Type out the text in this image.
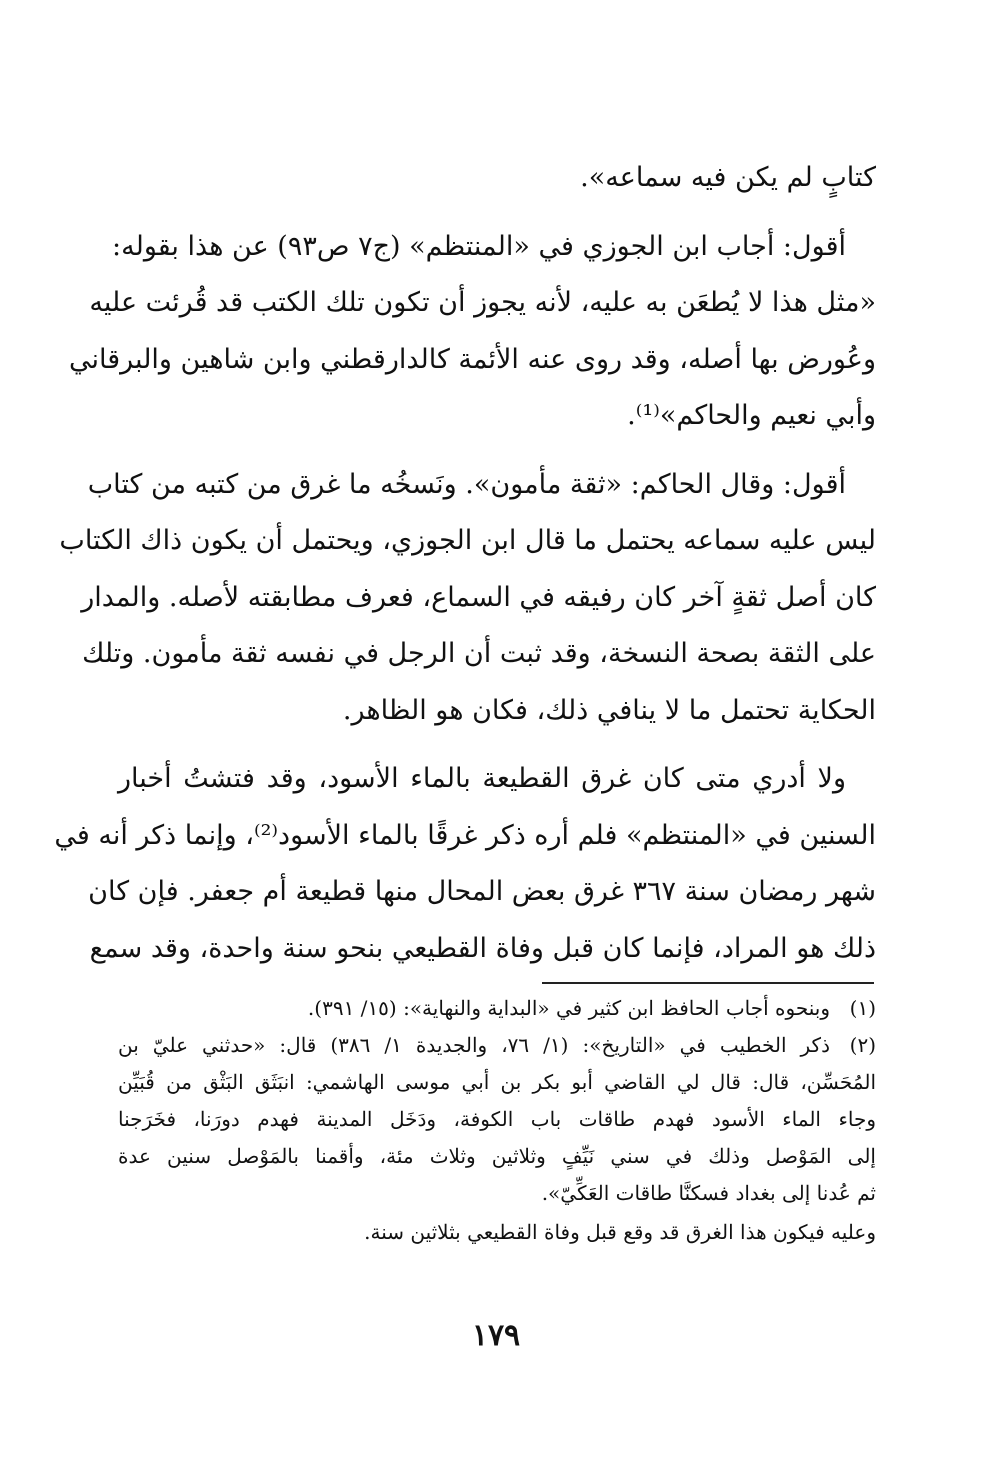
كتابٍ لم يكن فيه سماعه».

أقول: أجاب ابن الجوزي في «المنتظم» (ج٧ ص٩٣) عن هذا بقوله:
«مثل هذا لا يُطعَن به عليه، لأنه يجوز أن تكون تلك الكتب قد قُرئت عليه
وعُورض بها أصله، وقد روى عنه الأئمة كالدارقطني وابن شاهين والبرقاني
وأبي نعيم والحاكم»⁽¹⁾.

أقول: وقال الحاكم: «ثقة مأمون». ونَسخُه ما غرق من كتبه من كتاب
ليس عليه سماعه يحتمل ما قال ابن الجوزي، ويحتمل أن يكون ذاك الكتاب
كان أصل ثقةٍ آخر كان رفيقه في السماع، فعرف مطابقته لأصله. والمدار
على الثقة بصحة النسخة، وقد ثبت أن الرجل في نفسه ثقة مأمون. وتلك
الحكاية تحتمل ما لا ينافي ذلك، فكان هو الظاهر.

ولا أدري متى كان غرق القطيعة بالماء الأسود، وقد فتشتُ أخبار
السنين في «المنتظم» فلم أره ذكر غرقًا بالماء الأسود⁽²⁾، وإنما ذكر أنه في
شهر رمضان سنة ٣٦٧ غرق بعض المحال منها قطيعة أم جعفر. فإن كان
ذلك هو المراد، فإنما كان قبل وفاة القطيعي بنحو سنة واحدة، وقد سمع

(١)
وبنحوه أجاب الحافظ ابن كثير في «البداية والنهاية»: (١٥/ ٣٩١).
(٢)
ذكر الخطيب في «التاريخ»: (١/ ٧٦، والجديدة ١/ ٣٨٦) قال: «حدثني عليّ بن
المُحَسِّن، قال: قال لي القاضي أبو بكر بن أبي موسى الهاشمي: انبَثَق البَثْق من قُبَيِّن
وجاء الماء الأسود فهدم طاقات باب الكوفة، ودَخَل المدينة فهدم دورَنا، فخَرَجنا
إلى المَوْصل وذلك في سني نَيِّفٍ وثلاثين وثلاث مئة، وأقمنا بالمَوْصل سنين عدة
ثم عُدنا إلى بغداد فسكنَّا طاقات العَكِّيّ».
وعليه فيكون هذا الغرق قد وقع قبل وفاة القطيعي بثلاثين سنة.
١٧٩
